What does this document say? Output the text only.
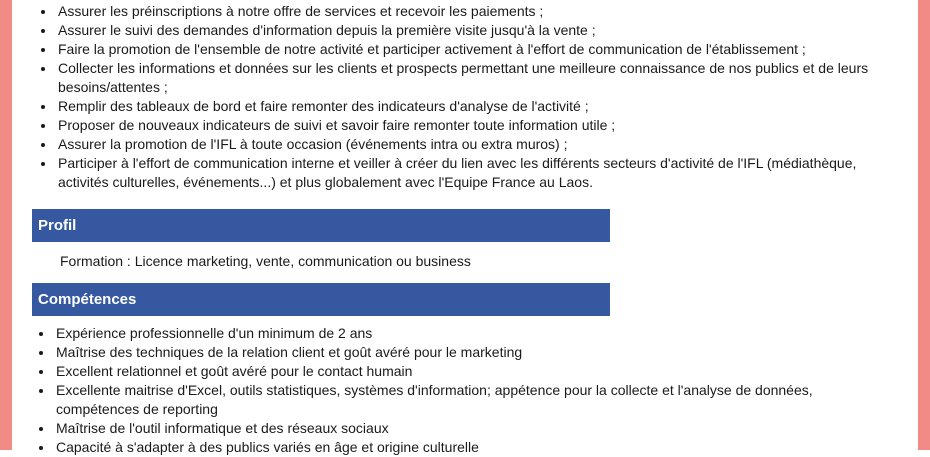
Assurer les préinscriptions à notre offre de services et recevoir les paiements ;
Assurer le suivi des demandes d'information depuis la première visite jusqu'à la vente ;
Faire la promotion de l'ensemble de notre activité et participer activement à l'effort de communication de l'établissement ;
Collecter les informations et données sur les clients et prospects permettant une meilleure connaissance de nos publics et de leurs besoins/attentes ;
Remplir des tableaux de bord et faire remonter des indicateurs d'analyse de l'activité ;
Proposer de nouveaux indicateurs de suivi et savoir faire remonter toute information utile ;
Assurer la promotion de l'IFL à toute occasion (événements intra ou extra muros) ;
Participer à l'effort de communication interne et veiller à créer du lien avec les différents secteurs d'activité de l'IFL (médiathèque, activités culturelles, événements...) et plus globalement avec l'Equipe France au Laos.
Profil
Formation : Licence marketing, vente, communication ou business
Compétences
Expérience professionnelle d'un minimum de 2 ans
Maîtrise des techniques de la relation client et goût avéré pour le marketing
Excellent relationnel et goût avéré pour le contact humain
Excellente maitrise d'Excel, outils statistiques, systèmes d'information; appétence pour la collecte et l'analyse de données, compétences de reporting
Maîtrise de l'outil informatique et des réseaux sociaux
Capacité à s'adapter à des publics variés en âge et origine culturelle
